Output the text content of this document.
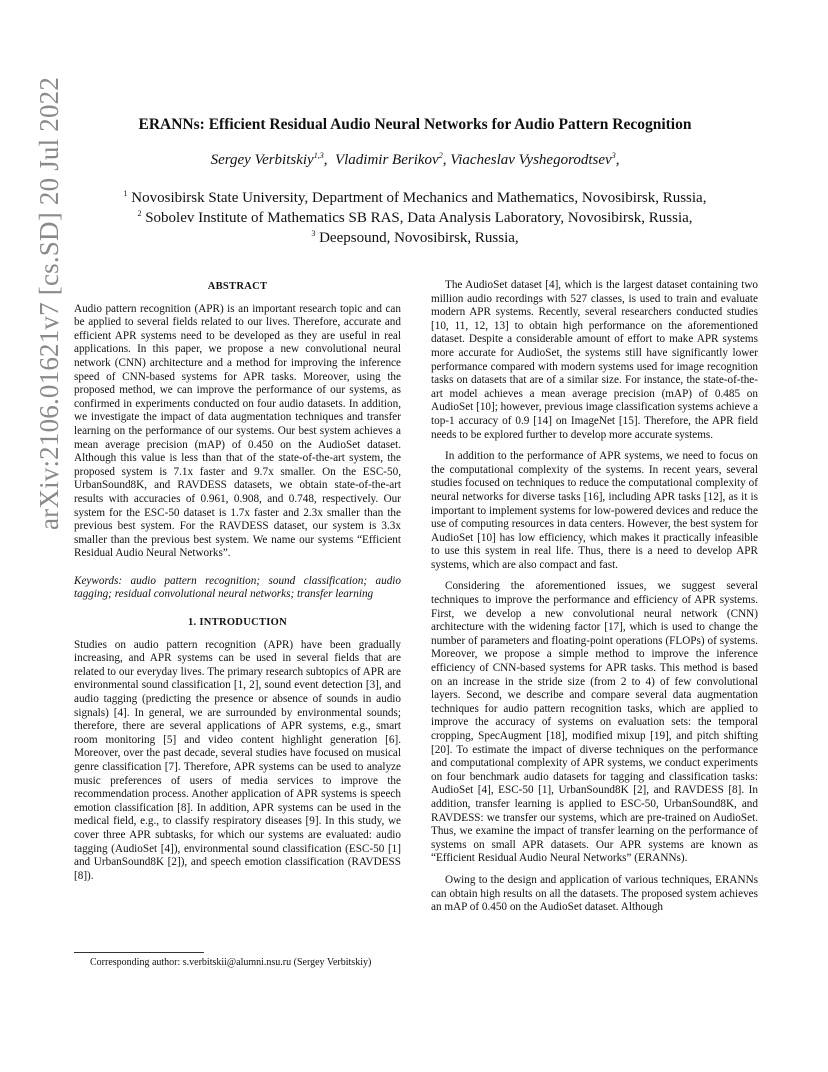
arXiv:2106.01621v7 [cs.SD] 20 Jul 2022	ERANNs: Efficient Residual Audio Neural Networks for Audio Pattern Recognition
Sergey Verbitskiy$^{1,3}$,  Vladimir Berikov$^2$, Viacheslav Vyshegorodtsev$^3$,
$^1$ Novosibirsk State University, Department of Mechanics and Mathematics, Novosibirsk, Russia,
$^2$ Sobolev Institute of Mathematics SB RAS, Data Analysis Laboratory, Novosibirsk, Russia,
$^3$ Deepsound, Novosibirsk, Russia,
ABSTRACT

Audio pattern recognition (APR) is an important research topic and can be applied to several fields related to our lives. Therefore, accurate and efficient APR systems need to be developed as they are useful in real applications. In this paper, we propose a new convolutional neural network (CNN) architecture and a method for improving the inference speed of CNN-based systems for APR tasks. Moreover, using the proposed method, we can improve the performance of our systems, as confirmed in experiments conducted on four audio datasets. In addition, we investigate the impact of data augmentation techniques and transfer learning on the performance of our systems. Our best system achieves a mean average precision (mAP) of 0.450 on the AudioSet dataset. Although this value is less than that of the state-of-the-art system, the proposed system is 7.1x faster and 9.7x smaller. On the ESC-50, UrbanSound8K, and RAVDESS datasets, we obtain state-of-the-art results with accuracies of 0.961, 0.908, and 0.748, respectively. Our system for the ESC-50 dataset is 1.7x faster and 2.3x smaller than the previous best system. For the RAVDESS dataset, our system is 3.3x smaller than the previous best system. We name our systems “Efficient Residual Audio Neural Networks”.

Keywords: audio pattern recognition; sound classification; audio tagging; residual convolutional neural networks; transfer learning

1. INTRODUCTION

Studies on audio pattern recognition (APR) have been gradually increasing, and APR systems can be used in several fields that are related to our everyday lives. The primary research subtopics of APR are environmental sound classification [1, 2], sound event detection [3], and audio tagging (predicting the presence or absence of sounds in audio signals) [4]. In general, we are surrounded by environmental sounds; therefore, there are several applications of APR systems, e.g., smart room monitoring [5] and video content highlight generation [6]. Moreover, over the past decade, several studies have focused on musical genre classification [7]. Therefore, APR systems can be used to analyze music preferences of users of media services to improve the recommendation process. Another application of APR systems is speech emotion classification [8]. In addition, APR systems can be used in the medical field, e.g., to classify respiratory diseases [9]. In this study, we cover three APR subtasks, for which our systems are evaluated: audio tagging (AudioSet [4]), environmental sound classification (ESC-50 [1] and UrbanSound8K [2]), and speech emotion classification (RAVDESS [8]).

Corresponding author: s.verbitskii@alumni.nsu.ru (Sergey Verbitskiy)

The AudioSet dataset [4], which is the largest dataset containing two million audio recordings with 527 classes, is used to train and evaluate modern APR systems. Recently, several researchers conducted studies [10, 11, 12, 13] to obtain high performance on the aforementioned dataset. Despite a considerable amount of effort to make APR systems more accurate for AudioSet, the systems still have significantly lower performance compared with modern systems used for image recognition tasks on datasets that are of a similar size. For instance, the state-of-the-art model achieves a mean average precision (mAP) of 0.485 on AudioSet [10]; however, previous image classification systems achieve a top-1 accuracy of 0.9 [14] on ImageNet [15]. Therefore, the APR field needs to be explored further to develop more accurate systems.

In addition to the performance of APR systems, we need to focus on the computational complexity of the systems. In recent years, several studies focused on techniques to reduce the computational complexity of neural networks for diverse tasks [16], including APR tasks [12], as it is important to implement systems for low-powered devices and reduce the use of computing resources in data centers. However, the best system for AudioSet [10] has low efficiency, which makes it practically infeasible to use this system in real life. Thus, there is a need to develop APR systems, which are also compact and fast.

Considering the aforementioned issues, we suggest several techniques to improve the performance and efficiency of APR systems. First, we develop a new convolutional neural network (CNN) architecture with the widening factor [17], which is used to change the number of parameters and floating-point operations (FLOPs) of systems. Moreover, we propose a simple method to improve the inference efficiency of CNN-based systems for APR tasks. This method is based on an increase in the stride size (from 2 to 4) of few convolutional layers. Second, we describe and compare several data augmentation techniques for audio pattern recognition tasks, which are applied to improve the accuracy of systems on evaluation sets: the temporal cropping, SpecAugment [18], modified mixup [19], and pitch shifting [20]. To estimate the impact of diverse techniques on the performance and computational complexity of APR systems, we conduct experiments on four benchmark audio datasets for tagging and classification tasks: AudioSet [4], ESC-50 [1], UrbanSound8K [2], and RAVDESS [8]. In addition, transfer learning is applied to ESC-50, UrbanSound8K, and RAVDESS: we transfer our systems, which are pre-trained on AudioSet. Thus, we examine the impact of transfer learning on the performance of systems on small APR datasets. Our APR systems are known as “Efficient Residual Audio Neural Networks” (ERANNs).

Owing to the design and application of various techniques, ERANNs can obtain high results on all the datasets. The proposed system achieves an mAP of 0.450 on the AudioSet dataset. Although
